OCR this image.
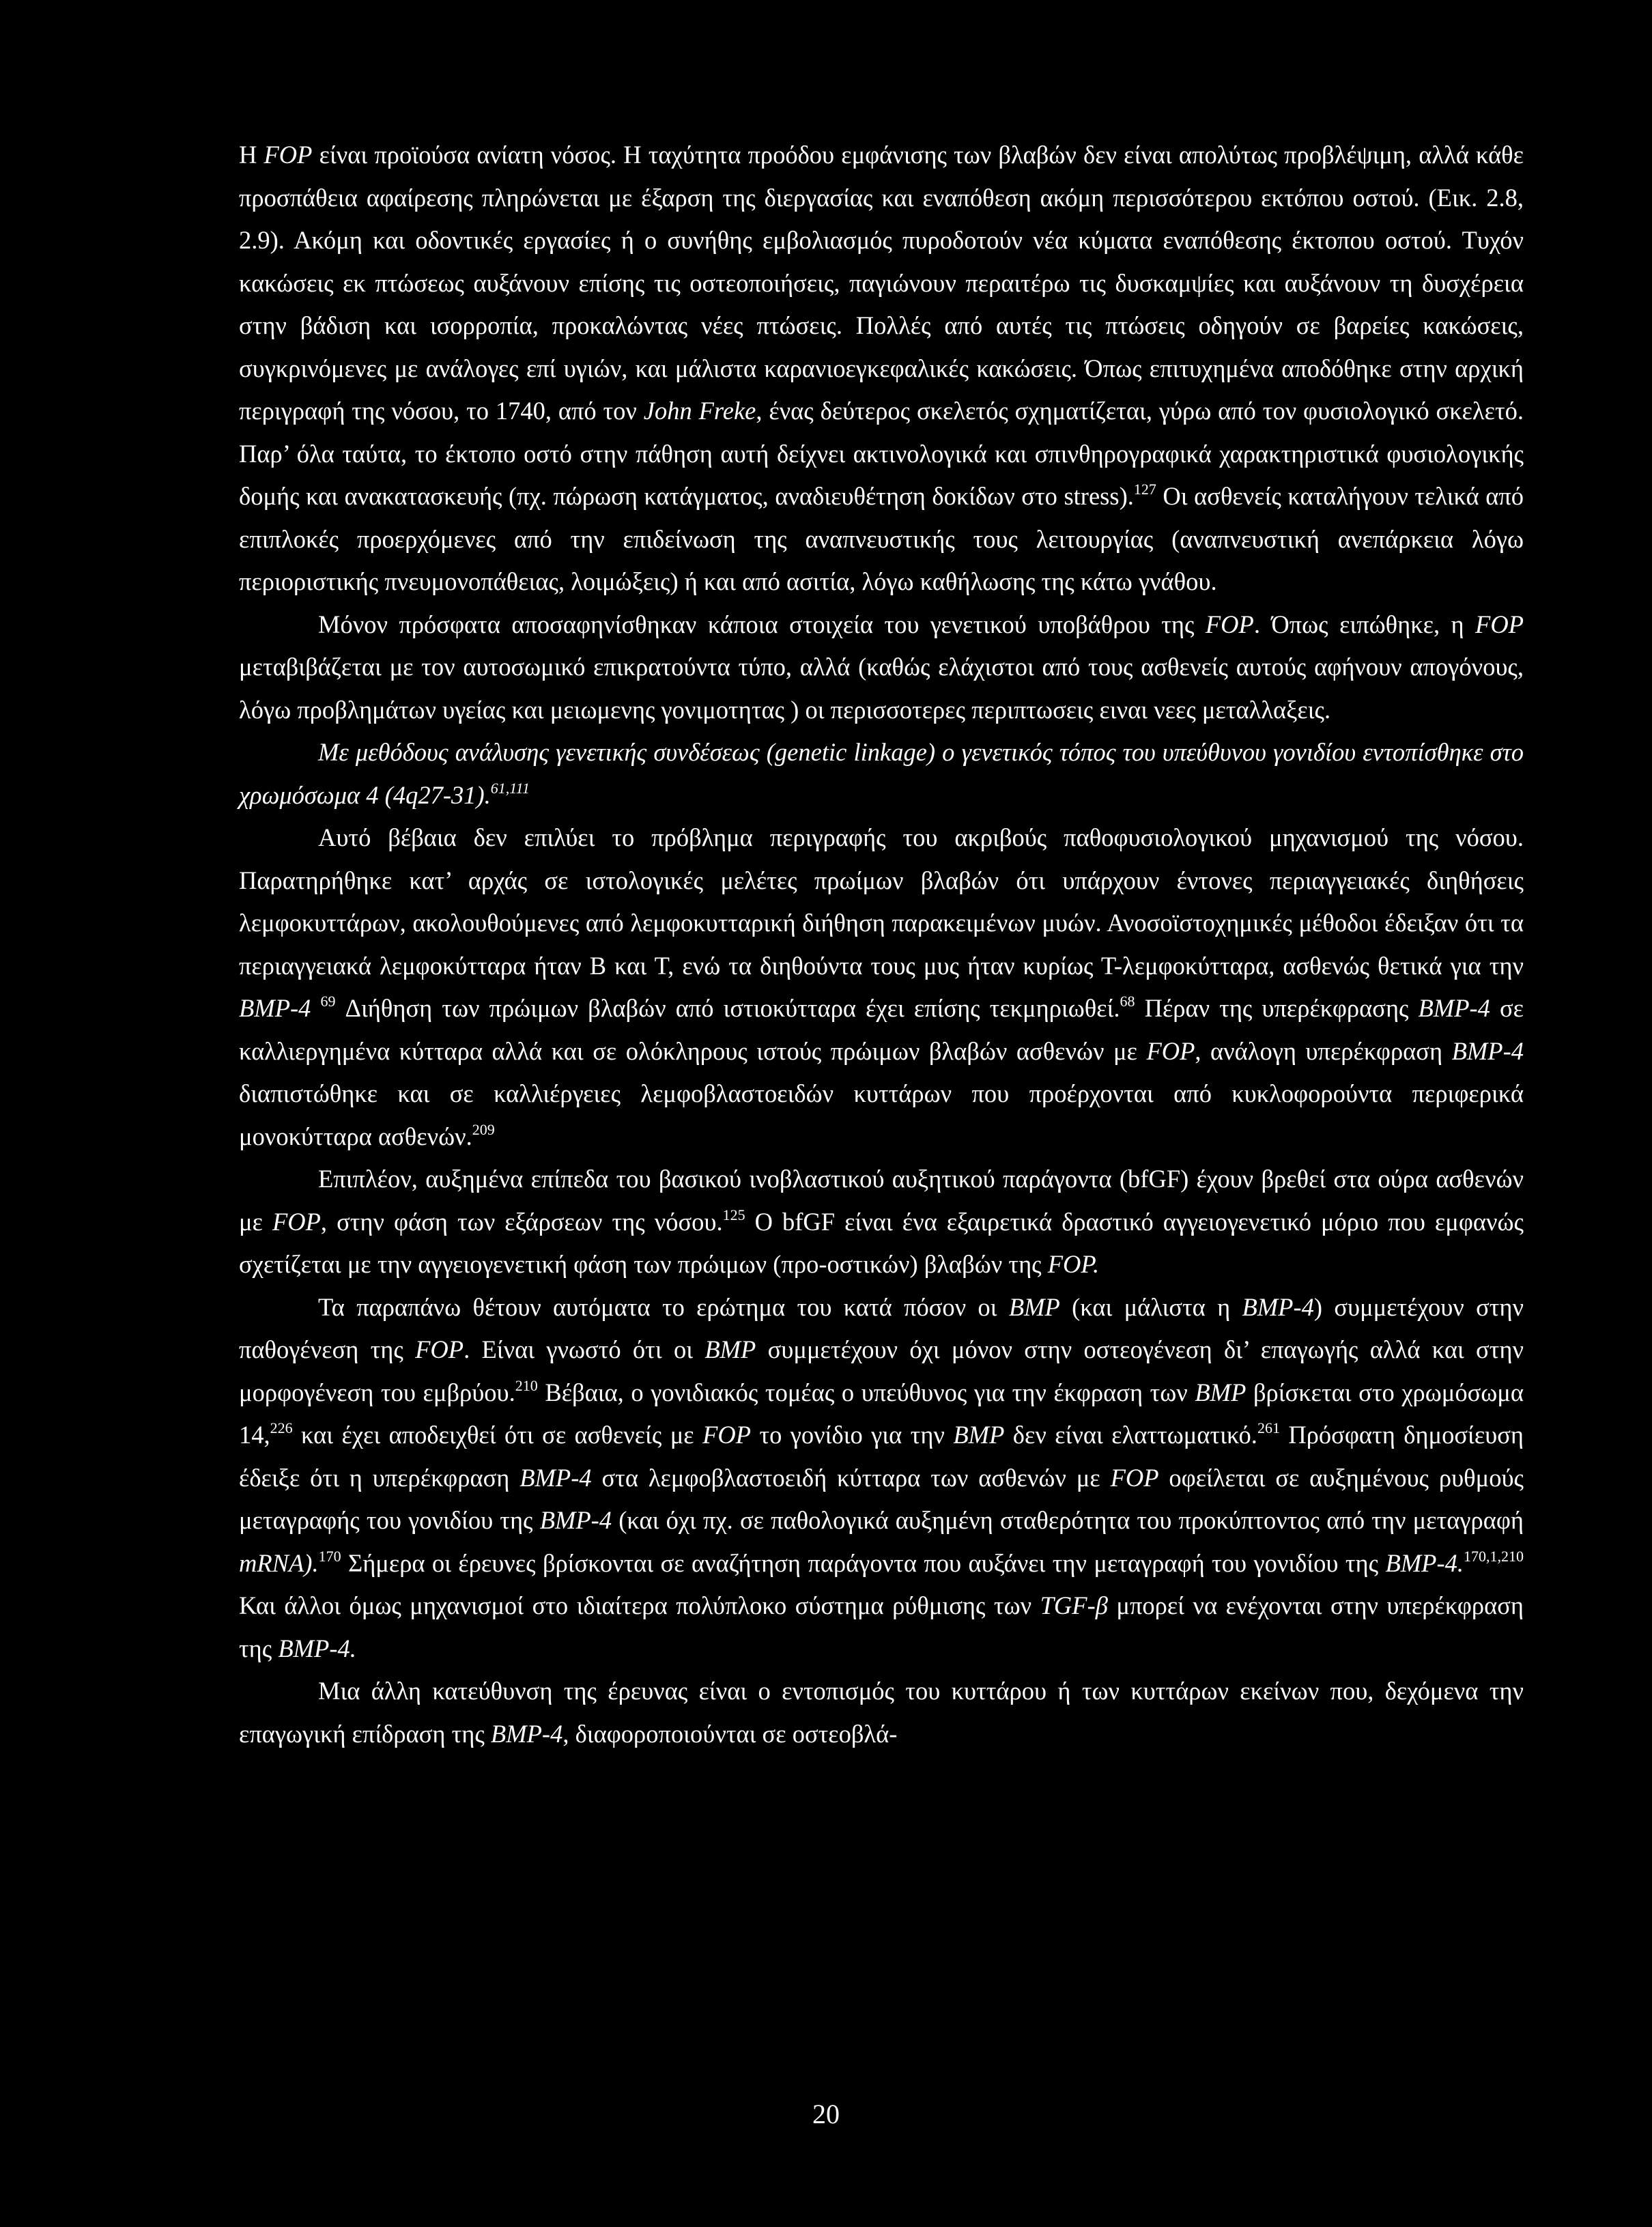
Η FOP είναι προϊούσα ανίατη νόσος. Η ταχύτητα προόδου εμφάνισης των βλαβών δεν είναι απολύτως προβλέψιμη, αλλά κάθε προσπάθεια αφαίρεσης πληρώνεται με έξαρση της διεργασίας και εναπόθεση ακόμη περισσότερου εκτόπου οστού. (Εικ. 2.8, 2.9). Ακόμη και οδοντικές εργασίες ή ο συνήθης εμβολιασμός πυροδοτούν νέα κύματα εναπόθεσης έκτοπου οστού. Τυχόν κακώσεις εκ πτώσεως αυξάνουν επίσης τις οστεοποιήσεις, παγιώνουν περαιτέρω τις δυσκαμψίες και αυξάνουν τη δυσχέρεια στην βάδιση και ισορροπία, προκαλώντας νέες πτώσεις. Πολλές από αυτές τις πτώσεις οδηγούν σε βαρείες κακώσεις, συγκρινόμενες με ανάλογες επί υγιών, και μάλιστα καρανιοεγκεφαλικές κακώσεις. Όπως επιτυχημένα αποδόθηκε στην αρχική περιγραφή της νόσου, το 1740, από τον John Freke, ένας δεύτερος σκελετός σχηματίζεται, γύρω από τον φυσιολογικό σκελετό. Παρ’ όλα ταύτα, το έκτοπο οστό στην πάθηση αυτή δείχνει ακτινολογικά και σπινθηρογραφικά χαρακτηριστικά φυσιολογικής δομής και ανακατασκευής (πχ. πώρωση κατάγματος, αναδιευθέτηση δοκίδων στο stress).$^{127}$ Οι ασθενείς καταλήγουν τελικά από επιπλοκές προερχόμενες από την επιδείνωση της αναπνευστικής τους λειτουργίας (αναπνευστική ανεπάρκεια λόγω περιοριστικής πνευμονοπάθειας, λοιμώξεις) ή και από ασιτία, λόγω καθήλωσης της κάτω γνάθου.

Μόνον πρόσφατα αποσαφηνίσθηκαν κάποια στοιχεία του γενετικού υποβάθρου της FOP. Όπως ειπώθηκε, η FOP μεταβιβάζεται με τον αυτοσωμικό επικρατούντα τύπο, αλλά (καθώς ελάχιστοι από τους ασθενείς αυτούς αφήνουν απογόνους, λόγω προβλημάτων υγείας και μειωμενης γονιμοτητας ) οι περισσοτερες περιπτωσεις ειναι νεες μεταλλαξεις.

Με μεθόδους ανάλυσης γενετικής συνδέσεως (genetic linkage) ο γενετικός τόπος του υπεύθυνου γονιδίου εντοπίσθηκε στο χρωμόσωμα 4 (4q27-31).$^{61,111}$

Αυτό βέβαια δεν επιλύει το πρόβλημα περιγραφής του ακριβούς παθοφυσιολογικού μηχανισμού της νόσου. Παρατηρήθηκε κατ’ αρχάς σε ιστολογικές μελέτες πρωίμων βλαβών ότι υπάρχουν έντονες περιαγγειακές διηθήσεις λεμφοκυττάρων, ακολουθούμενες από λεμφοκυτταρική διήθηση παρακειμένων μυών. Ανοσοϊστοχημικές μέθοδοι έδειξαν ότι τα περιαγγειακά λεμφοκύτταρα ήταν Β και Τ, ενώ τα διηθούντα τους μυς ήταν κυρίως Τ-λεμφοκύτταρα, ασθενώς θετικά για την BMP-4 $^{69}$ Διήθηση των πρώιμων βλαβών από ιστιοκύτταρα έχει επίσης τεκμηριωθεί.$^{68}$ Πέραν της υπερέκφρασης BMP-4 σε καλλιεργημένα κύτταρα αλλά και σε ολόκληρους ιστούς πρώιμων βλαβών ασθενών με FOP, ανάλογη υπερέκφραση BMP-4 διαπιστώθηκε και σε καλλιέργειες λεμφοβλαστοειδών κυττάρων που προέρχονται από κυκλοφορούντα περιφερικά μονοκύτταρα ασθενών.$^{209}$

Επιπλέον, αυξημένα επίπεδα του βασικού ινοβλαστικού αυξητικού παράγοντα (bfGF) έχουν βρεθεί στα ούρα ασθενών με FOP, στην φάση των εξάρσεων της νόσου.$^{125}$ Ο bfGF είναι ένα εξαιρετικά δραστικό αγγειογενετικό μόριο που εμφανώς σχετίζεται με την αγγειογενετική φάση των πρώιμων (προ-οστικών) βλαβών της FOP.

Τα παραπάνω θέτουν αυτόματα το ερώτημα του κατά πόσον οι BMP (και μάλιστα η BMP-4) συμμετέχουν στην παθογένεση της FOP. Είναι γνωστό ότι οι BMP συμμετέχουν όχι μόνον στην οστεογένεση δι’ επαγωγής αλλά και στην μορφογένεση του εμβρύου.$^{210}$ Βέβαια, ο γονιδιακός τομέας ο υπεύθυνος για την έκφραση των BMP βρίσκεται στο χρωμόσωμα 14,$^{226}$ και έχει αποδειχθεί ότι σε ασθενείς με FOP το γονίδιο για την BMP δεν είναι ελαττωματικό.$^{261}$ Πρόσφατη δημοσίευση έδειξε ότι η υπερέκφραση BMP-4 στα λεμφοβλαστοειδή κύτταρα των ασθενών με FOP οφείλεται σε αυξημένους ρυθμούς μεταγραφής του γονιδίου της BMP-4 (και όχι πχ. σε παθολογικά αυξημένη σταθερότητα του προκύπτοντος από την μεταγραφή mRNA).$^{170}$ Σήμερα οι έρευνες βρίσκονται σε αναζήτηση παράγοντα που αυξάνει την μεταγραφή του γονιδίου της BMP-4.$^{170,1,210}$ Και άλλοι όμως μηχανισμοί στο ιδιαίτερα πολύπλοκο σύστημα ρύθμισης των TGF-β μπορεί να ενέχονται στην υπερέκφραση της BMP-4.

Μια άλλη κατεύθυνση της έρευνας είναι ο εντοπισμός του κυττάρου ή των κυττάρων εκείνων που, δεχόμενα την επαγωγική επίδραση της BMP-4, διαφοροποιούνται σε οστεοβλά-

20
